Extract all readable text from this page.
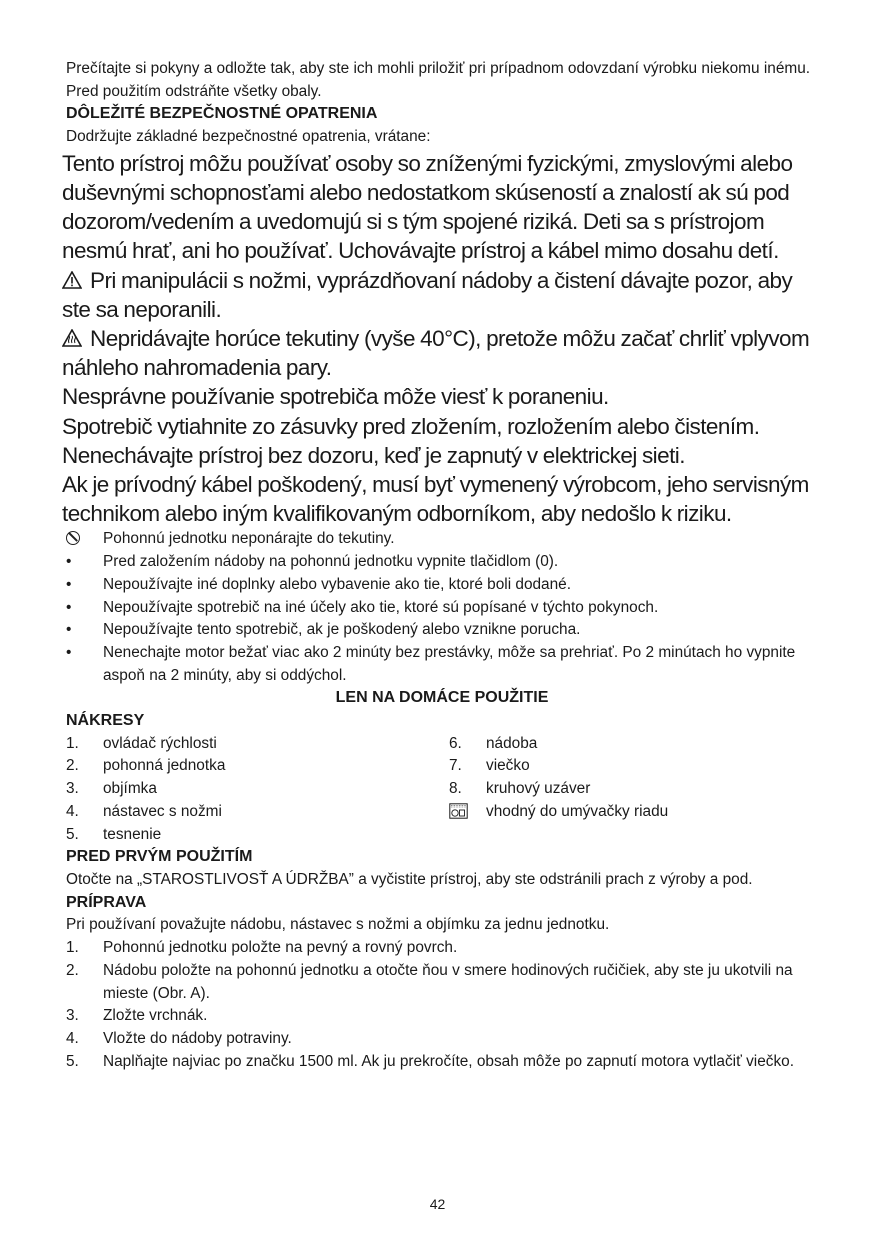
Prečítajte si pokyny a odložte tak, aby ste ich mohli priložiť pri prípadnom odovzdaní výrobku niekomu inému. Pred použitím odstráňte všetky obaly.

DÔLEŽITÉ BEZPEČNOSTNÉ OPATRENIA

Dodržujte základné bezpečnostné opatrenia, vrátane:

Tento prístroj môžu používať osoby so zníženými fyzickými, zmyslovými alebo duševnými schopnosťami alebo nedostatkom skúseností a znalostí ak sú pod dozorom/vedením a uvedomujú si s tým spojené riziká. Deti sa s prístrojom nesmú hrať, ani ho používať. Uchovávajte prístroj a kábel mimo dosahu detí.

Pri manipulácii s nožmi, vyprázdňovaní nádoby a čistení dávajte pozor, aby ste sa neporanili.

Nepridávajte horúce tekutiny (vyše 40°C), pretože môžu začať chrliť vplyvom náhleho nahromadenia pary.

Nesprávne používanie spotrebiča môže viesť k poraneniu.

Spotrebič vytiahnite zo zásuvky pred zložením, rozložením alebo čistením.

Nenechávajte prístroj bez dozoru, keď je zapnutý v elektrickej sieti.

Ak je prívodný kábel poškodený, musí byť vymenený výrobcom, jeho servisným technikom alebo iným kvalifikovaným odborníkom, aby nedošlo k riziku.

Pohonnú jednotku neponárajte do tekutiny.
•	Pred založením nádoby na pohonnú jednotku vypnite tlačidlom (0).
•	Nepoužívajte iné doplnky alebo vybavenie ako tie, ktoré boli dodané.
•	Nepoužívajte spotrebič na iné účely ako tie, ktoré sú popísané v týchto pokynoch.
•	Nepoužívajte tento spotrebič, ak je poškodený alebo vznikne porucha.
•	Nenechajte motor bežať viac ako 2 minúty bez prestávky, môže sa prehriať. Po 2 minútach ho vypnite aspoň na 2 minúty, aby si oddýchol.

LEN NA DOMÁCE POUŽITIE

NÁKRESY

1.	ovládač rýchlosti
2.	pohonná jednotka
3.	objímka
4.	nástavec s nožmi
5.	tesnenie
6.	nádoba
7.	viečko
8.	kruhový uzáver
vhodný do umývačky riadu

PRED PRVÝM POUŽITÍM

Otočte na „STAROSTLIVOSŤ A ÚDRŽBA” a vyčistite prístroj, aby ste odstránili prach z výroby a pod.

PRÍPRAVA

Pri používaní považujte nádobu, nástavec s nožmi a objímku za jednu jednotku.

1.	Pohonnú jednotku položte na pevný a rovný povrch.
2.	Nádobu položte na pohonnú jednotku a otočte ňou v smere hodinových ručičiek, aby ste ju ukotvili na mieste (Obr. A).
3.	Zložte vrchnák.
4.	Vložte do nádoby potraviny.
5.	Naplňajte najviac po značku 1500 ml. Ak ju prekročíte, obsah môže po zapnutí motora vytlačiť viečko.
42
